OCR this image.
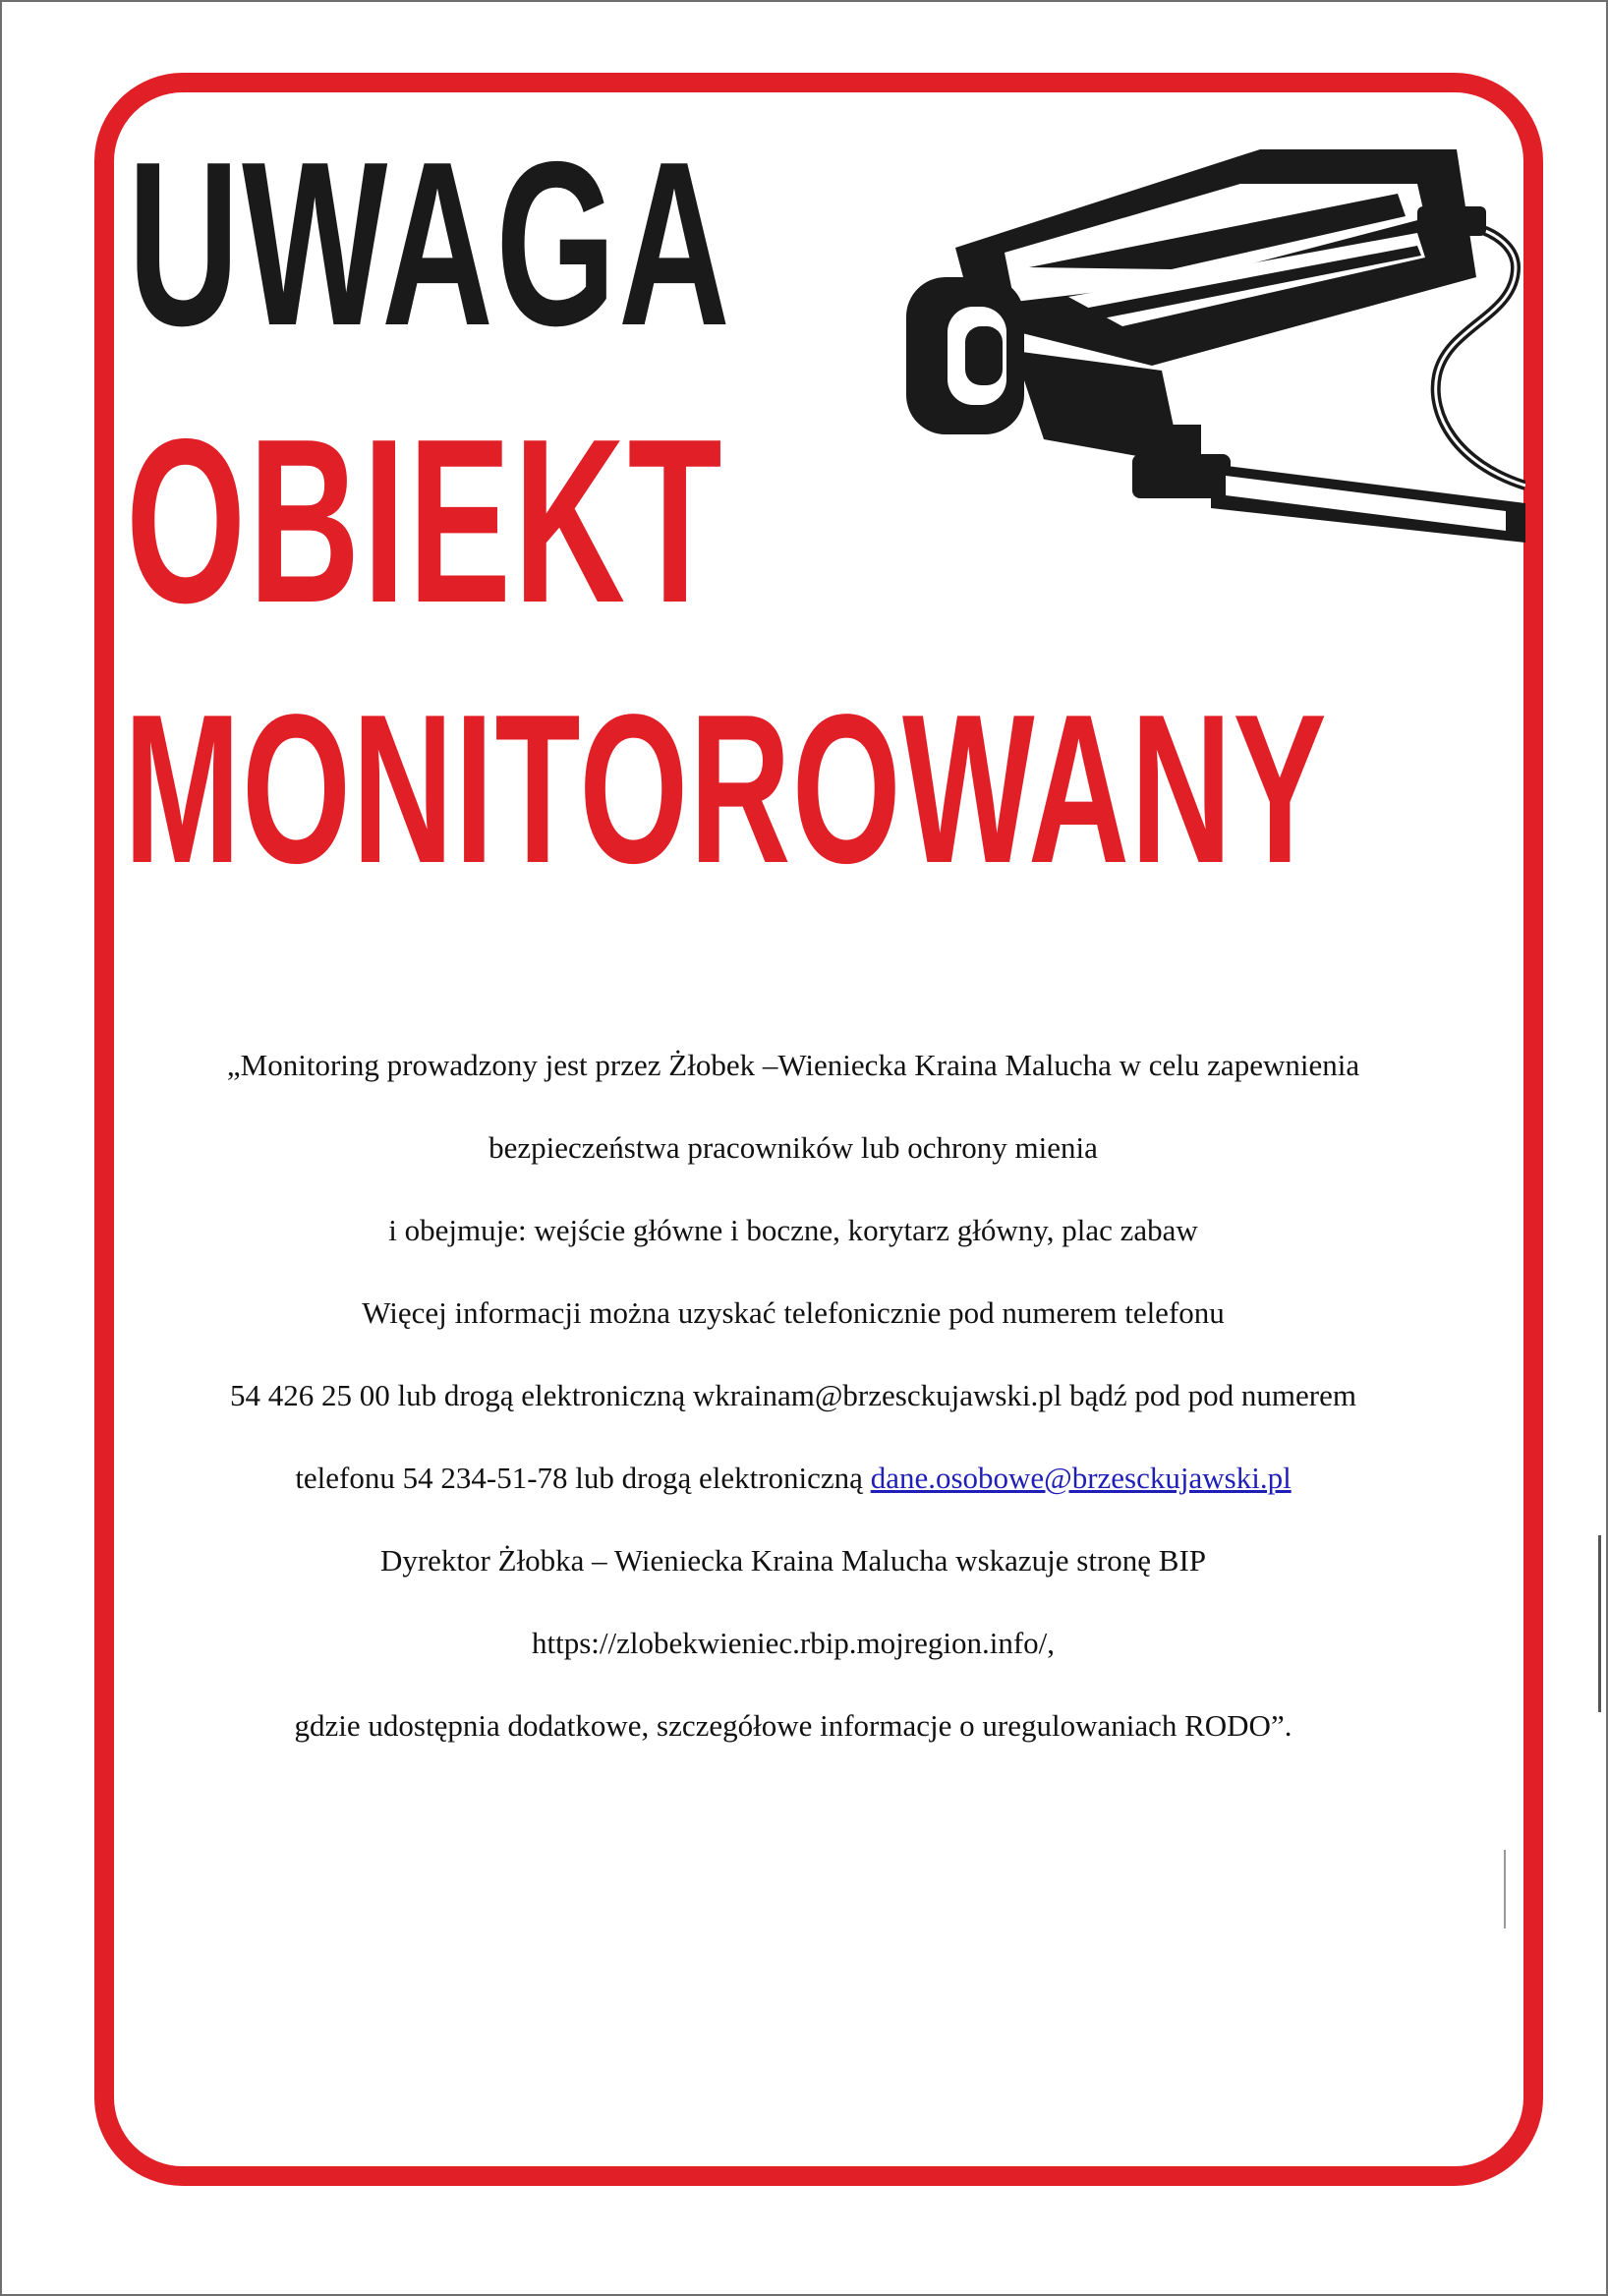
UWAGA
OBIEKT
MONITOROWANY

„Monitoring prowadzony jest przez Żłobek –Wieniecka Kraina Malucha w celu zapewnienia

bezpieczeństwa pracowników lub ochrony mienia

i obejmuje: wejście główne i boczne, korytarz główny, plac zabaw

Więcej informacji można uzyskać telefonicznie pod numerem telefonu

54 426 25 00 lub drogą elektroniczną wkrainam@brzesckujawski.pl bądź pod pod numerem

telefonu 54 234-51-78 lub drogą elektroniczną dane.osobowe@brzesckujawski.pl

Dyrektor Żłobka – Wieniecka Kraina Malucha wskazuje stronę BIP

https://zlobekwieniec.rbip.mojregion.info/,

gdzie udostępnia dodatkowe, szczegółowe informacje o uregulowaniach RODO”.
